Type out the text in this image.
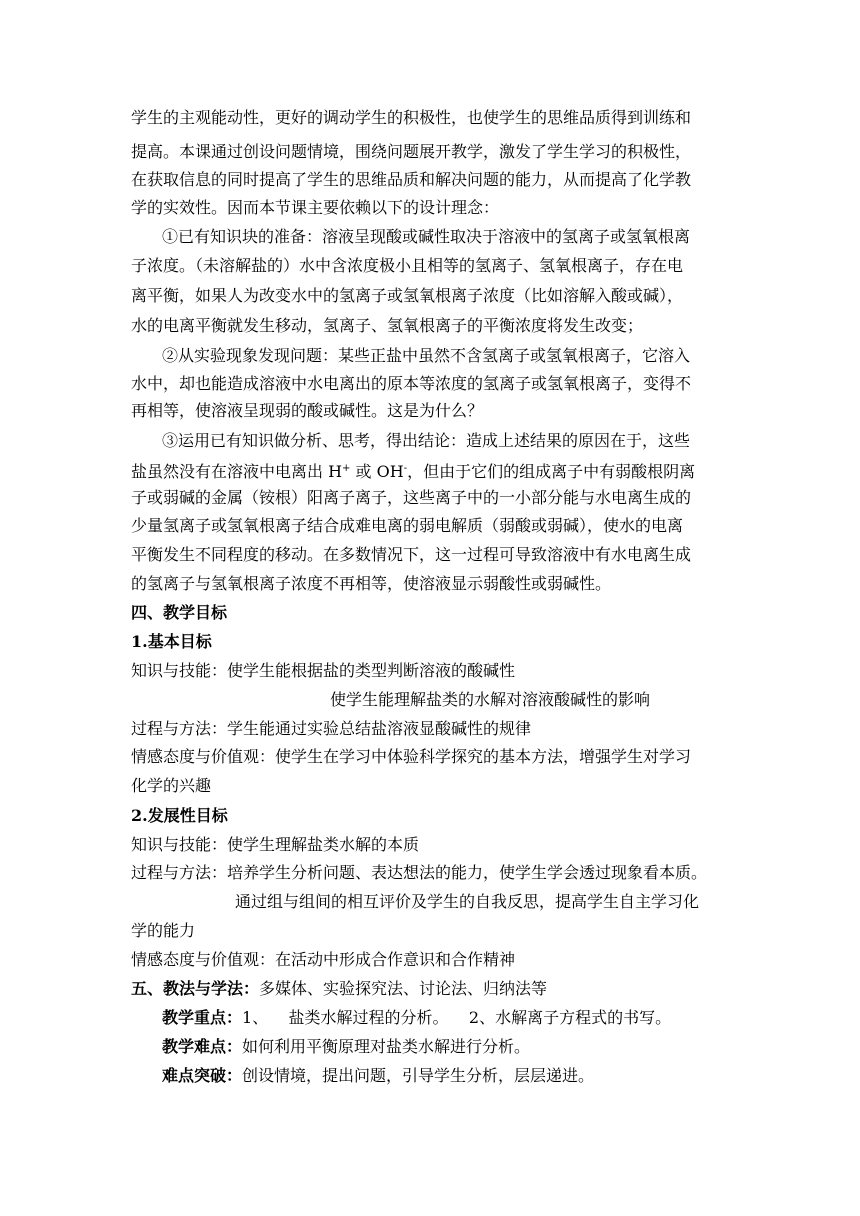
学生的主观能动性，更好的调动学生的积极性，也使学生的思维品质得到训练和
提高。本课通过创设问题情境，围绕问题展开教学，激发了学生学习的积极性，
在获取信息的同时提高了学生的思维品质和解决问题的能力，从而提高了化学教
学的实效性。因而本节课主要依赖以下的设计理念：
①已有知识块的准备：溶液呈现酸或碱性取决于溶液中的氢离子或氢氧根离
子浓度。（未溶解盐的）水中含浓度极小且相等的氢离子、氢氧根离子，存在电
离平衡，如果人为改变水中的氢离子或氢氧根离子浓度（比如溶解入酸或碱），
水的电离平衡就发生移动，氢离子、氢氧根离子的平衡浓度将发生改变；
②从实验现象发现问题：某些正盐中虽然不含氢离子或氢氧根离子，它溶入
水中，却也能造成溶液中水电离出的原本等浓度的氢离子或氢氧根离子，变得不
再相等，使溶液呈现弱的酸或碱性。这是为什么？
③运用已有知识做分析、思考，得出结论：造成上述结果的原因在于，这些
盐虽然没有在溶液中电离出 H+ 或 OH-，但由于它们的组成离子中有弱酸根阴离
子或弱碱的金属（铵根）阳离子离子，这些离子中的一小部分能与水电离生成的
少量氢离子或氢氧根离子结合成难电离的弱电解质（弱酸或弱碱），使水的电离
平衡发生不同程度的移动。在多数情况下，这一过程可导致溶液中有水电离生成
的氢离子与氢氧根离子浓度不再相等，使溶液显示弱酸性或弱碱性。
四、教学目标
1.基本目标
知识与技能：使学生能根据盐的类型判断溶液的酸碱性
使学生能理解盐类的水解对溶液酸碱性的影响
过程与方法：学生能通过实验总结盐溶液显酸碱性的规律
情感态度与价值观：使学生在学习中体验科学探究的基本方法，增强学生对学习
化学的兴趣
2.发展性目标
知识与技能：使学生理解盐类水解的本质
过程与方法：培养学生分析问题、表达想法的能力，使学生学会透过现象看本质。
通过组与组间的相互评价及学生的自我反思，提高学生自主学习化
学的能力
情感态度与价值观：在活动中形成合作意识和合作精神
五、教法与学法：多媒体、实验探究法、讨论法、归纳法等
教学重点：1、    盐类水解过程的分析。    2、水解离子方程式的书写。
教学难点：如何利用平衡原理对盐类水解进行分析。
难点突破：创设情境，提出问题，引导学生分析，层层递进。
